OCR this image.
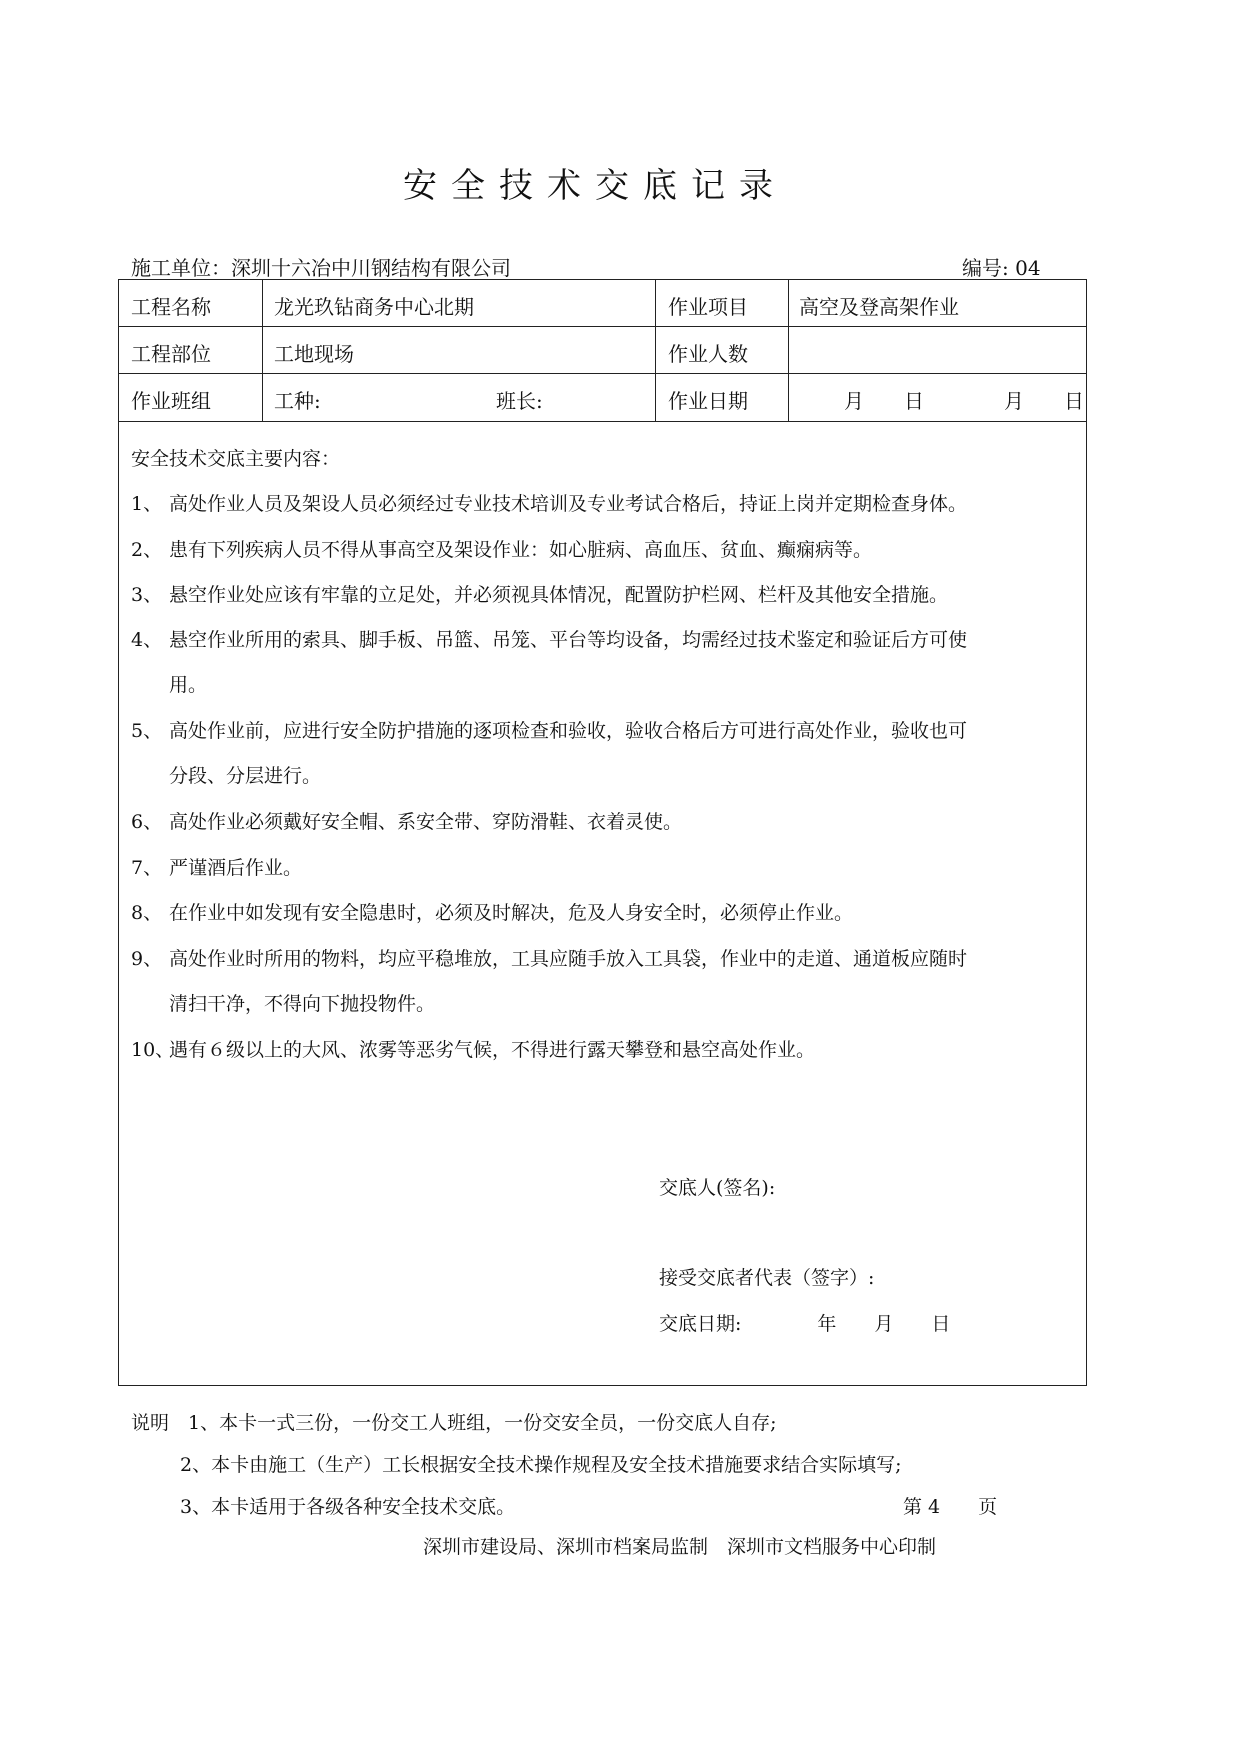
安全技术交底记录
施工单位：深圳十六冶中川钢结构有限公司	编号: 04
工程名称	龙光玖钻商务中心北期	作业项目	高空及登高架作业
工程部位	工地现场	作业人数
作业班组	工种:	班长:	作业日期	月　　日　　　　月　　日
安全技术交底主要内容：
1、 高处作业人员及架设人员必须经过专业技术培训及专业考试合格后，持证上岗并定期检查身体。
2、 患有下列疾病人员不得从事高空及架设作业：如心脏病、高血压、贫血、癫痫病等。
3、 悬空作业处应该有牢靠的立足处，并必须视具体情况，配置防护栏网、栏杆及其他安全措施。
4、 悬空作业所用的索具、脚手板、吊篮、吊笼、平台等均设备，均需经过技术鉴定和验证后方可使
用。
5、 高处作业前，应进行安全防护措施的逐项检查和验收，验收合格后方可进行高处作业，验收也可
分段、分层进行。
6、 高处作业必须戴好安全帽、系安全带、穿防滑鞋、衣着灵使。
7、 严谨酒后作业。
8、 在作业中如发现有安全隐患时，必须及时解决，危及人身安全时，必须停止作业。
9、 高处作业时所用的物料，均应平稳堆放，工具应随手放入工具袋，作业中的走道、通道板应随时
清扫干净，不得向下抛投物件。
10、遇有６级以上的大风、浓雾等恶劣气候，不得进行露天攀登和悬空高处作业。
交底人(签名):
接受交底者代表（签字）:
交底日期:　　　　年　　月　　日
说明　1、本卡一式三份，一份交工人班组，一份交安全员，一份交底人自存;
2、本卡由施工（生产）工长根据安全技术操作规程及安全技术措施要求结合实际填写;
3、本卡适用于各级各种安全技术交底。	第 4　　页
深圳市建设局、深圳市档案局监制　深圳市文档服务中心印制
